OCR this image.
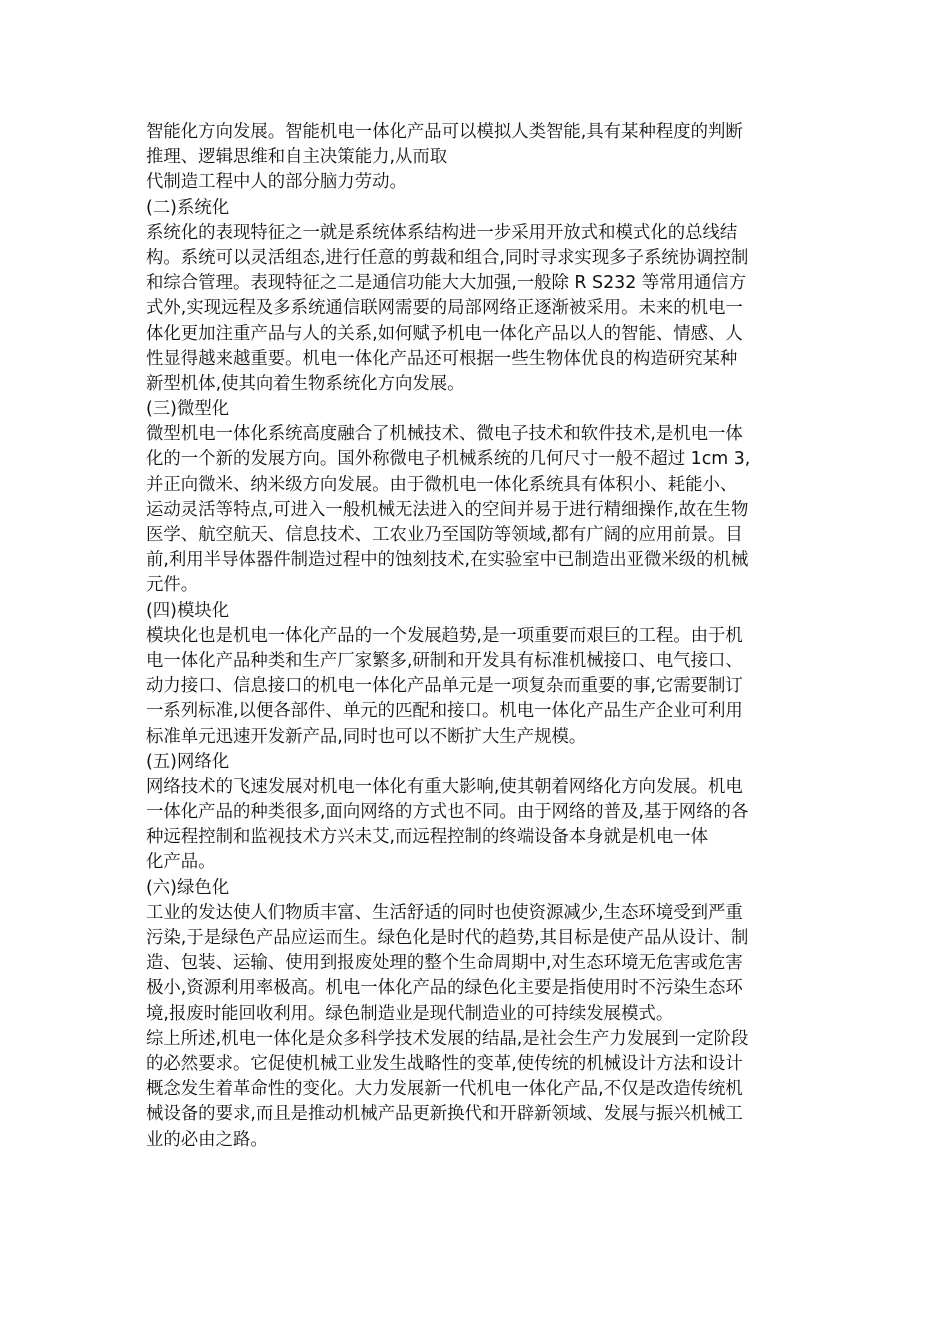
智能化方向发展。智能机电一体化产品可以模拟人类智能,具有某种程度的判断
推理、逻辑思维和自主决策能力,从而取
代制造工程中人的部分脑力劳动。
(二)系统化
系统化的表现特征之一就是系统体系结构进一步采用开放式和模式化的总线结
构。系统可以灵活组态,进行任意的剪裁和组合,同时寻求实现多子系统协调控制
和综合管理。表现特征之二是通信功能大大加强,一般除 R S232 等常用通信方
式外,实现远程及多系统通信联网需要的局部网络正逐渐被采用。未来的机电一
体化更加注重产品与人的关系,如何赋予机电一体化产品以人的智能、情感、人
性显得越来越重要。机电一体化产品还可根据一些生物体优良的构造研究某种
新型机体,使其向着生物系统化方向发展。
(三)微型化
微型机电一体化系统高度融合了机械技术、微电子技术和软件技术,是机电一体
化的一个新的发展方向。国外称微电子机械系统的几何尺寸一般不超过 1cm 3,
并正向微米、纳米级方向发展。由于微机电一体化系统具有体积小、耗能小、
运动灵活等特点,可进入一般机械无法进入的空间并易于进行精细操作,故在生物
医学、航空航天、信息技术、工农业乃至国防等领域,都有广阔的应用前景。目
前,利用半导体器件制造过程中的蚀刻技术,在实验室中已制造出亚微米级的机械
元件。
(四)模块化
模块化也是机电一体化产品的一个发展趋势,是一项重要而艰巨的工程。由于机
电一体化产品种类和生产厂家繁多,研制和开发具有标准机械接口、电气接口、
动力接口、信息接口的机电一体化产品单元是一项复杂而重要的事,它需要制订
一系列标准,以便各部件、单元的匹配和接口。机电一体化产品生产企业可利用
标准单元迅速开发新产品,同时也可以不断扩大生产规模。
(五)网络化
网络技术的飞速发展对机电一体化有重大影响,使其朝着网络化方向发展。机电
一体化产品的种类很多,面向网络的方式也不同。由于网络的普及,基于网络的各
种远程控制和监视技术方兴未艾,而远程控制的终端设备本身就是机电一体
化产品。
(六)绿色化
工业的发达使人们物质丰富、生活舒适的同时也使资源减少,生态环境受到严重
污染,于是绿色产品应运而生。绿色化是时代的趋势,其目标是使产品从设计、制
造、包装、运输、使用到报废处理的整个生命周期中,对生态环境无危害或危害
极小,资源利用率极高。机电一体化产品的绿色化主要是指使用时不污染生态环
境,报废时能回收利用。绿色制造业是现代制造业的可持续发展模式。
综上所述,机电一体化是众多科学技术发展的结晶,是社会生产力发展到一定阶段
的必然要求。它促使机械工业发生战略性的变革,使传统的机械设计方法和设计
概念发生着革命性的变化。大力发展新一代机电一体化产品,不仅是改造传统机
械设备的要求,而且是推动机械产品更新换代和开辟新领域、发展与振兴机械工
业的必由之路。
